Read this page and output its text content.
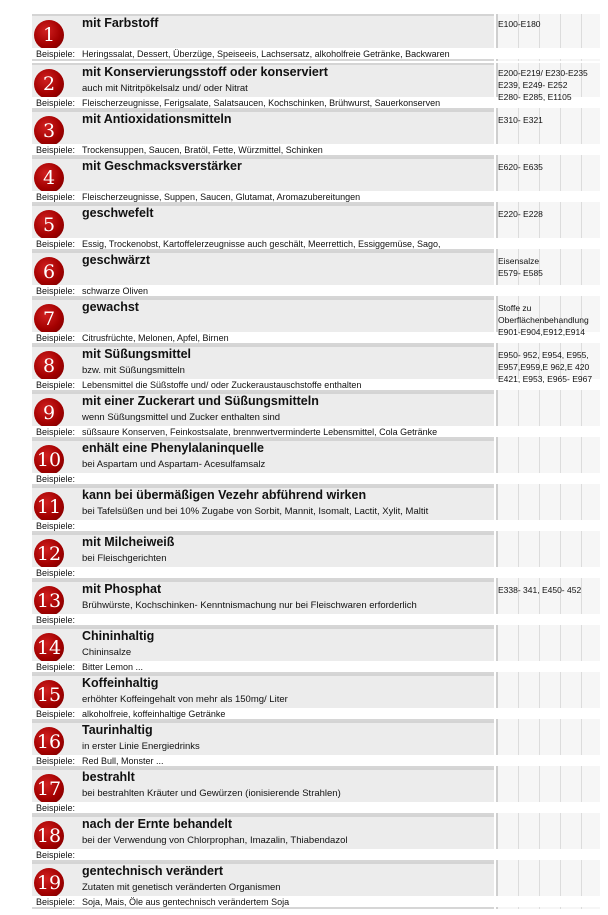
1
mit Farbstoff
Beispiele: Heringssalat, Dessert, Überzüge, Speiseeis, Lachsersatz, alkoholfreie Getränke, Backwaren
E100-E180
2
mit Konservierungsstoff oder konserviert
auch mit Nitritpökelsalz und/ oder Nitrat
Beispiele: Fleischerzeugnisse, Ferigsalate, Salatsaucen, Kochschinken, Brühwurst, Sauerkonserven
E200-E219/ E230-E235
E239, E249- E252
E280- E285, E1105
3
mit Antioxidationsmitteln
Beispiele: Trockensuppen, Saucen, Bratöl, Fette, Würzmittel, Schinken
E310- E321
4
mit Geschmacksverstärker
Beispiele: Fleischerzeugnisse, Suppen, Saucen, Glutamat, Aromazubereitungen
E620- E635
5
geschwefelt
Beispiele: Essig, Trockenobst, Kartoffelerzeugnisse auch geschält, Meerrettich, Essiggemüse, Sago,
E220- E228
6
geschwärzt
Beispiele: schwarze Oliven
Eisensalze
E579- E585
7
gewachst
Beispiele: Citrusfrüchte, Melonen, Apfel, Birnen
Stoffe zu
Oberflächenbehandlung
E901-E904,E912,E914
8
mit Süßungsmittel
bzw. mit Süßungsmitteln
Beispiele: Lebensmittel die Süßstoffe und/ oder Zuckeraustauschstoffe enthalten
E950- 952, E954, E955,
E957,E959,E 962,E 420
E421, E953, E965- E967
9
mit einer Zuckerart und Süßungsmitteln
wenn Süßungsmittel und Zucker enthalten sind
Beispiele: süßsaure Konserven, Feinkostsalate, brennwertverminderte Lebensmittel, Cola Getränke
10
enhält eine Phenylalaninquelle
bei Aspartam und Aspartam- Acesulfamsalz
Beispiele:
11
kann bei übermäßigen Vezehr abführend wirken
bei Tafelsüßen und bei 10% Zugabe von Sorbit, Mannit, Isomalt, Lactit, Xylit, Maltit
Beispiele:
12
mit Milcheiweiß
bei Fleischgerichten
Beispiele:
13
mit Phosphat
Brühwürste, Kochschinken- Kenntnismachung nur bei Fleischwaren erforderlich
Beispiele:
E338- 341, E450- 452
14
Chininhaltig
Chininsalze
Beispiele: Bitter Lemon ...
15
Koffeinhaltig
erhöhter Koffeingehalt von mehr als 150mg/ Liter
Beispiele: alkoholfreie, koffeinhaltige Getränke
16
Taurinhaltig
in erster Linie Energiedrinks
Beispiele: Red Bull, Monster ...
17
bestrahlt
bei bestrahlten Kräuter und Gewürzen (ionisierende Strahlen)
Beispiele:
18
nach der Ernte behandelt
bei der Verwendung von Chlorprophan, Imazalin, Thiabendazol
Beispiele:
19
gentechnisch verändert
Zutaten mit genetisch veränderten Organismen
Beispiele: Soja, Mais, Öle aus gentechnisch verändertem Soja
